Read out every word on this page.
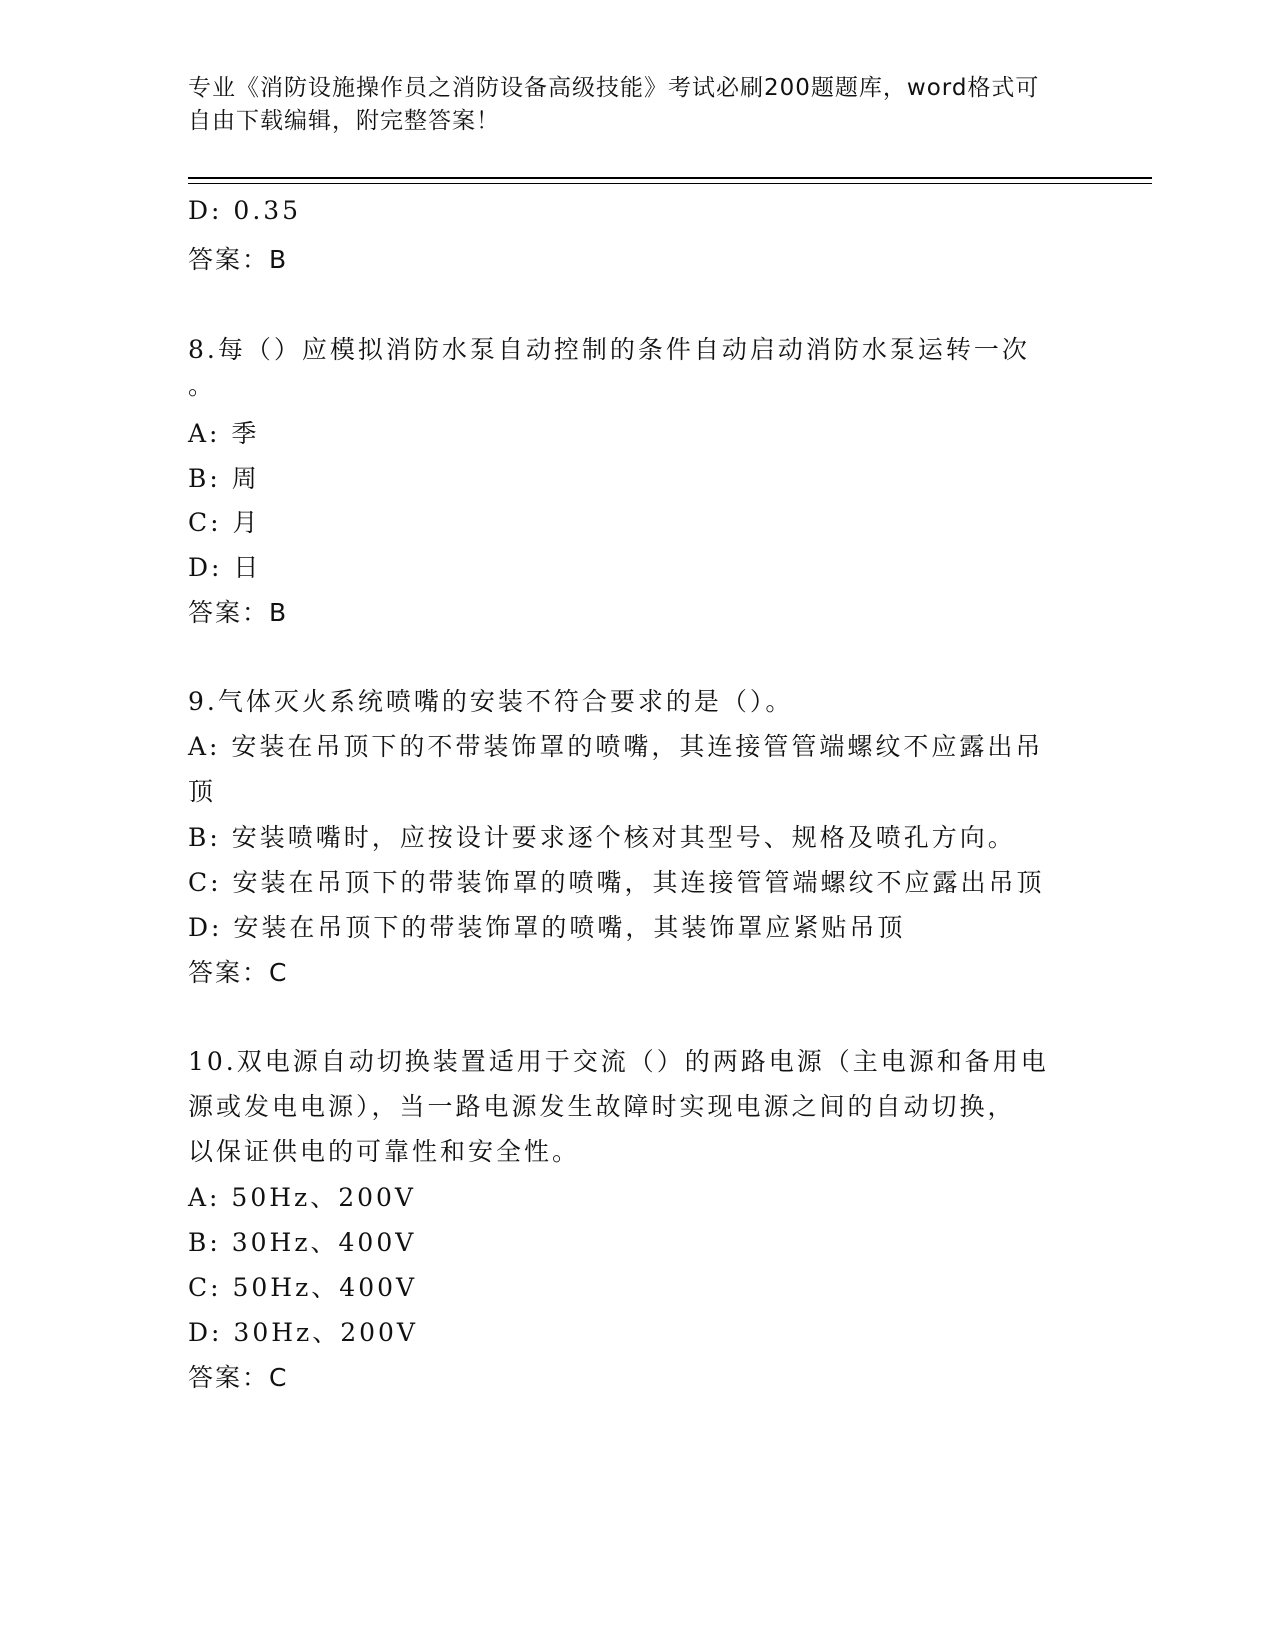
专业《消防设施操作员之消防设备高级技能》考试必刷200题题库，word格式可
自由下载编辑，附完整答案！
D: 0.35
答案：B
8.每（）应模拟消防水泵自动控制的条件自动启动消防水泵运转一次
。
A: 季
B: 周
C: 月
D: 日
答案：B
9.气体灭火系统喷嘴的安装不符合要求的是（）。
A: 安装在吊顶下的不带装饰罩的喷嘴，其连接管管端螺纹不应露出吊
顶
B: 安装喷嘴时，应按设计要求逐个核对其型号、规格及喷孔方向。
C: 安装在吊顶下的带装饰罩的喷嘴，其连接管管端螺纹不应露出吊顶
D: 安装在吊顶下的带装饰罩的喷嘴，其装饰罩应紧贴吊顶
答案：C
10.双电源自动切换装置适用于交流（）的两路电源（主电源和备用电
源或发电电源），当一路电源发生故障时实现电源之间的自动切换，
以保证供电的可靠性和安全性。
A: 50Hz、200V
B: 30Hz、400V
C: 50Hz、400V
D: 30Hz、200V
答案：C
